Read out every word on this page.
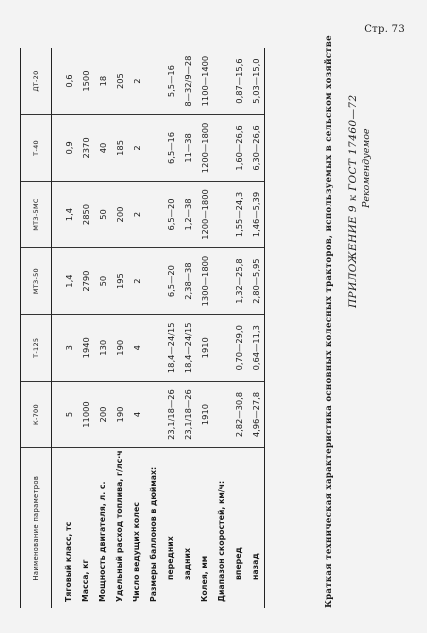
Стр. 73
ПРИЛОЖЕНИЕ 9 к ГОСТ 17460—72 Рекомендуемое
Краткая техническая характеристика основных колесных тракторов, используемых в сельском хозяйстве
Наименование параметров	К-700	Т-125	МТЗ-50	МТЗ-5МС	Т-40	ДТ-20
Тяговый класс, тс	5	3	1,4	1,4	0,9	0,6
Масса, кг	11000	1940	2790	2850	2370	1500
Мощность двигателя, л. с.	200	130	50	50	40	18
Удельный расход топлива, г/лс·ч	190	190	195	200	185	205
Число ведущих колес	4	4	2	2	2	2
Размеры баллонов в дюймах:						
передних	23,1/18—26	18,4—24/15	6,5—20	6,5—20	6,5—16	5,5—16
задних	23,1/18—26	18,4—24/15	2,38—38	1,2—38	11—38	8—32/9—28
Колея, мм	1910	1910	1300—1800	1200—1800	1200—1800	1100—1400
Диапазон скоростей, км/ч:						
вперед	2,82—30,8	0,70—29,0	1,32—25,8	1,55—24,3	1,60—26,6	0,87—15,6
назад	4,96—27,8	0,64—11,3	2,80—5,95	1,46—5,39	6,30—26,6	5,03—15,0
